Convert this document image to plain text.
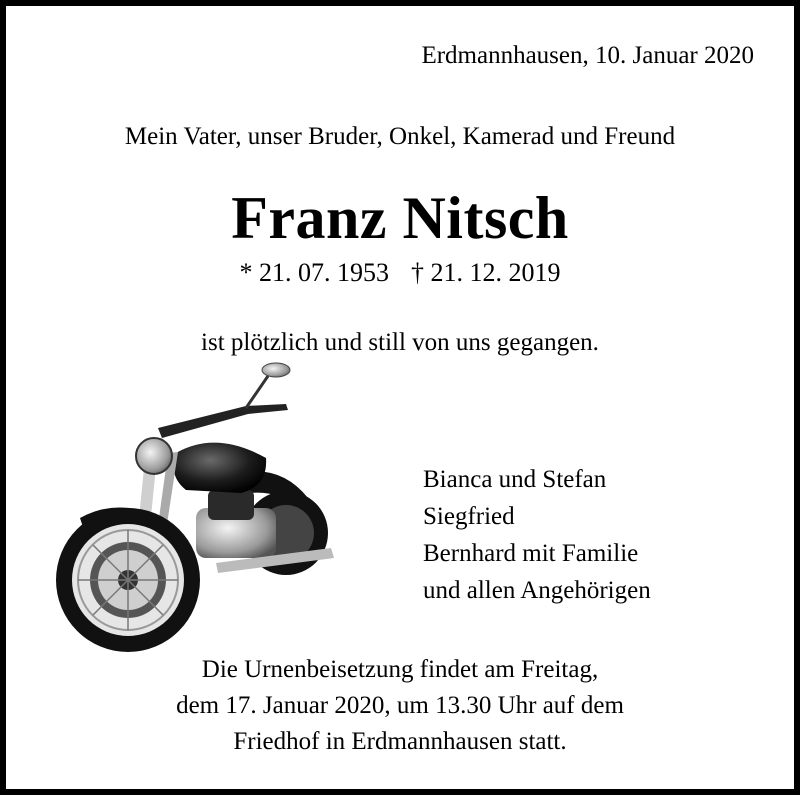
Erdmannhausen, 10. Januar 2020
Mein Vater, unser Bruder, Onkel, Kamerad und Freund
Franz Nitsch
* 21. 07. 1953 † 21. 12. 2019
ist plötzlich und still von uns gegangen.
Bianca und Stefan
Siegfried
Bernhard mit Familie
und allen Angehörigen
Die Urnenbeisetzung findet am Freitag,
dem 17. Januar 2020, um 13.30 Uhr auf dem
Friedhof in Erdmannhausen statt.
